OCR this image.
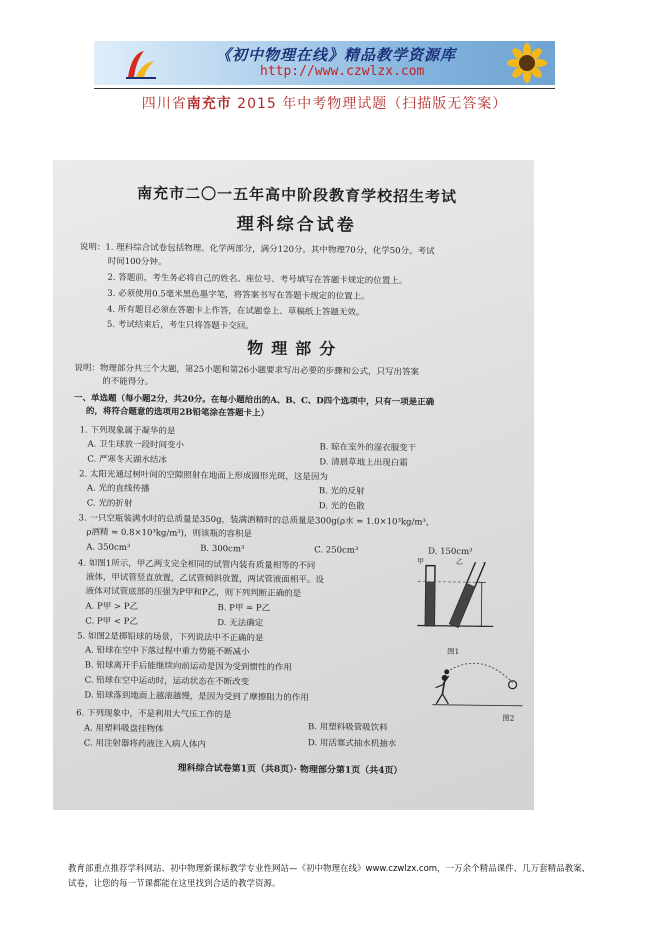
《初中物理在线》精品教学资源库
http://www.czwlzx.com
四川省南充市 2015 年中考物理试题（扫描版无答案）
南充市二〇一五年高中阶段教育学校招生考试
理科综合试卷
说明：1. 理科综合试卷包括物理、化学两部分，满分120分。其中物理70分，化学50分。考试
时间100分钟。
2. 答题前，考生务必将自己的姓名、座位号、考号填写在答题卡规定的位置上。
3. 必须使用0.5毫米黑色墨字笔，将答案书写在答题卡规定的位置上。
4. 所有题目必须在答题卡上作答，在试题卷上、草稿纸上答题无效。
5. 考试结束后，考生只将答题卡交回。
物理部分
说明：物理部分共三个大题，第25小题和第26小题要求写出必要的步骤和公式，只写出答案
的不能得分。
一、单选题（每小题2分，共20分。在每小题给出的A、B、C、D四个选项中，只有一项是正确
的，将符合题意的选项用2B铅笔涂在答题卡上）
1. 下列现象属于凝华的是
A. 卫生球放一段时间变小	B. 晾在室外的湿衣服变干
C. 严寒冬天湖水结冰	D. 清晨草地上出现白霜
2. 太阳光通过树叶间的空隙照射在地面上形成圆形光斑，这是因为
A. 光的直线传播	B. 光的反射
C. 光的折射	D. 光的色散
3. 一只空瓶装满水时的总质量是350g，装满酒精时的总质量是300g(ρ水 = 1.0×10³kg/m³，
ρ酒精 = 0.8×10³kg/m³)，则该瓶的容积是
A. 350cm³	B. 300cm³	C. 250cm³	D. 150cm³
4. 如图1所示，甲乙两支完全相同的试管内装有质量相等的不同
液体，甲试管竖直放置，乙试管倾斜放置，两试管液面相平。设
液体对试管底部的压强为P甲和P乙，则下列判断正确的是
A. P甲 > P乙	B. P甲 = P乙
C. P甲 < P乙	D. 无法确定
甲	乙
图1
5. 如图2是掷铅球的场景，下列说法中不正确的是
A. 铅球在空中下落过程中重力势能不断减小
B. 铅球离开手后能继续向前运动是因为受到惯性的作用
C. 铅球在空中运动时，运动状态在不断改变
D. 铅球落到地面上越滚越慢，是因为受到了摩擦阻力的作用
图2
6. 下列现象中，不是利用大气压工作的是
A. 用塑料吸盘挂物体	B. 用塑料吸管吸饮料
C. 用注射器将药液注入病人体内	D. 用活塞式抽水机抽水
理科综合试卷第1页（共8页）· 物理部分第1页（共4页）
教育部重点推荐学科网站、初中物理新课标教学专业性网站—《初中物理在线》www.czwlzx.com，一万余个精品课件、几万套精品教案、试卷，让您的每一节课都能在这里找到合适的教学资源。
